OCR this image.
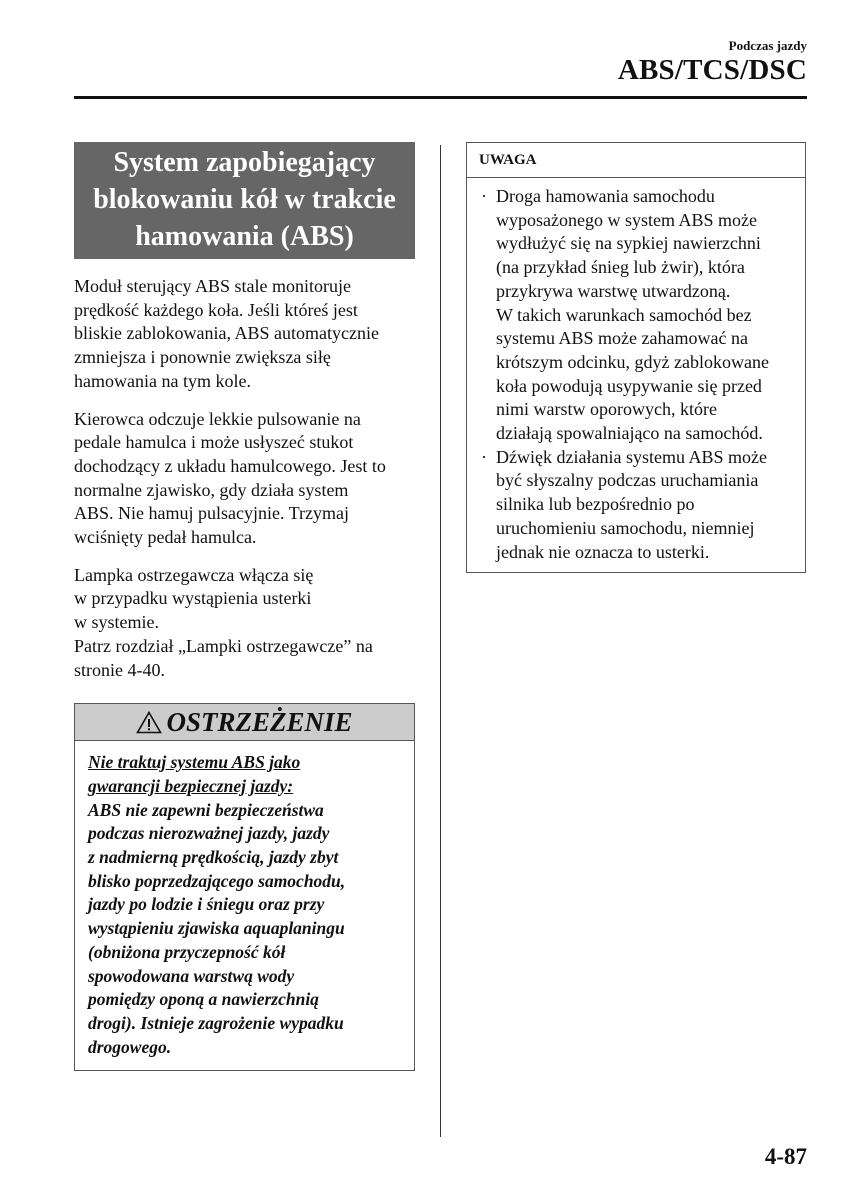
Podczas jazdy
ABS/TCS/DSC
System zapobiegający
blokowaniu kół w trakcie
hamowania (ABS)

Moduł sterujący ABS stale monitoruje
prędkość każdego koła. Jeśli któreś jest
bliskie zablokowania, ABS automatycznie
zmniejsza i ponownie zwiększa siłę
hamowania na tym kole.

Kierowca odczuje lekkie pulsowanie na
pedale hamulca i może usłyszeć stukot
dochodzący z układu hamulcowego. Jest to
normalne zjawisko, gdy działa system
ABS. Nie hamuj pulsacyjnie. Trzymaj
wciśnięty pedał hamulca.

Lampka ostrzegawcza włącza się
w przypadku wystąpienia usterki
w systemie.
Patrz rozdział „Lampki ostrzegawcze” na
stronie 4-40.

OSTRZEŻENIE
Nie traktuj systemu ABS jako
gwarancji bezpiecznej jazdy:
ABS nie zapewni bezpieczeństwa
podczas nierozważnej jazdy, jazdy
z nadmierną prędkością, jazdy zbyt
blisko poprzedzającego samochodu,
jazdy po lodzie i śniegu oraz przy
wystąpieniu zjawiska aquaplaningu
(obniżona przyczepność kół
spowodowana warstwą wody
pomiędzy oponą a nawierzchnią
drogi). Istnieje zagrożenie wypadku
drogowego.
UWAGA
· Droga hamowania samochodu
wyposażonego w system ABS może
wydłużyć się na sypkiej nawierzchni
(na przykład śnieg lub żwir), która
przykrywa warstwę utwardzoną.
W takich warunkach samochód bez
systemu ABS może zahamować na
krótszym odcinku, gdyż zablokowane
koła powodują usypywanie się przed
nimi warstw oporowych, które
działają spowalniająco na samochód.
· Dźwięk działania systemu ABS może
być słyszalny podczas uruchamiania
silnika lub bezpośrednio po
uruchomieniu samochodu, niemniej
jednak nie oznacza to usterki.
4-87
